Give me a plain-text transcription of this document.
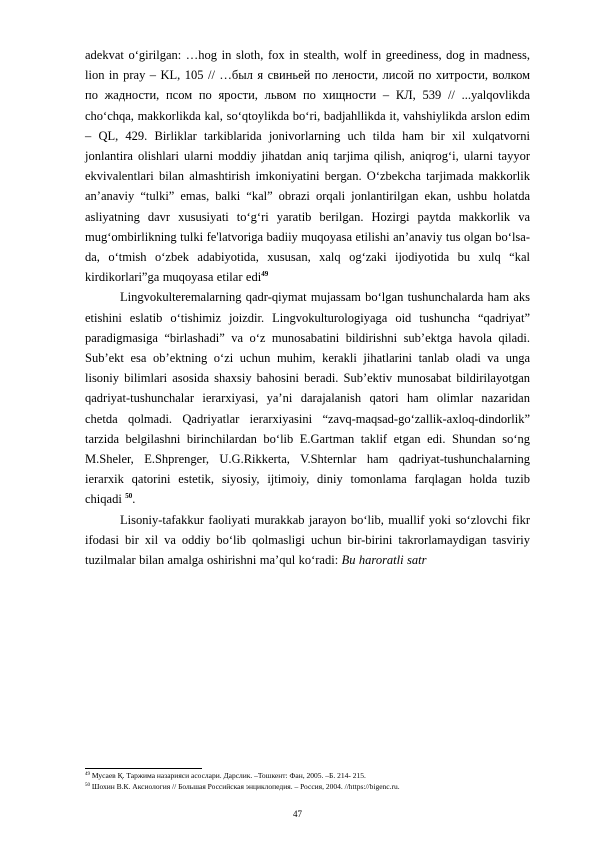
adekvat o‘girilgan: …hog in sloth, fox in stealth, wolf in greediness, dog in madness, lion in pray – KL, 105 // …был я свиньей по лености, лисой по хитрости, волком по жадности, псом по ярости, львом по хищности – КЛ, 539 // ...yalqovlikda cho‘chqa, makkorlikda kal, so‘qtoylikda bo‘ri, badjahllikda it, vahshiylikda arslon edim – QL, 429. Birliklar tarkiblarida jonivorlarning uch tilda ham bir xil xulqatvorni jonlantira olishlari ularni moddiy jihatdan aniq tarjima qilish, aniqrog‘i, ularni tayyor ekvivalentlari bilan almashtirish imkoniyatini bergan. O‘zbekcha tarjimada makkorlik an’anaviy “tulki” emas, balki “kal” obrazi orqali jonlantirilgan ekan, ushbu holatda asliyatning davr xususiyati to‘g‘ri yaratib berilgan. Hozirgi paytda makkorlik va mug‘ombirlikning tulki fe'latvoriga badiiy muqoyasa etilishi an’anaviy tus olgan bo‘lsa-da, o‘tmish o‘zbek adabiyotida, xususan, xalq og‘zaki ijodiyotida bu xulq “kal kirdikorlari”ga muqoyasa etilar edi$^{49}$

Lingvokulteremalarning qadr-qiymat mujassam bo‘lgan tushunchalarda ham aks etishini eslatib o‘tishimiz joizdir. Lingvokulturologiyaga oid tushuncha “qadriyat” paradigmasiga “birlashadi” va o‘z munosabatini bildirishni sub’ektga havola qiladi. Sub’ekt esa ob’ektning o‘zi uchun muhim, kerakli jihatlarini tanlab oladi va unga lisoniy bilimlari asosida shaxsiy bahosini beradi. Sub’ektiv munosabat bildirilayotgan qadriyat-tushunchalar ierarxiyasi, ya’ni darajalanish qatori ham olimlar nazaridan chetda qolmadi. Qadriyatlar ierarxiyasini “zavq-maqsad-go‘zallik-axloq-dindorlik” tarzida belgilashni birinchilardan bo‘lib E.Gartman taklif etgan edi. Shundan so‘ng M.Sheler, E.Shprenger, U.G.Rikkerta, V.Shternlar ham qadriyat-tushunchalarning ierarxik qatorini estetik, siyosiy, ijtimoiy, diniy tomonlama farqlagan holda tuzib chiqadi $^{50}$.

Lisoniy-tafakkur faoliyati murakkab jarayon bo‘lib, muallif yoki so‘zlovchi fikr ifodasi bir xil va oddiy bo‘lib qolmasligi uchun bir-birini takrorlamaydigan tasviriy tuzilmalar bilan amalga oshirishni ma’qul ko‘radi: Bu haroratli satr

$^{49}$ Мусаев Қ. Таржима назарияси асослари. Дарслик. –Тошкент: Фан, 2005. –Б. 214- 215.

$^{50}$ Шохин В.К. Аксиология // Большая Российская энциклопедия. – Россия, 2004. //https://bigenc.ru.

47
